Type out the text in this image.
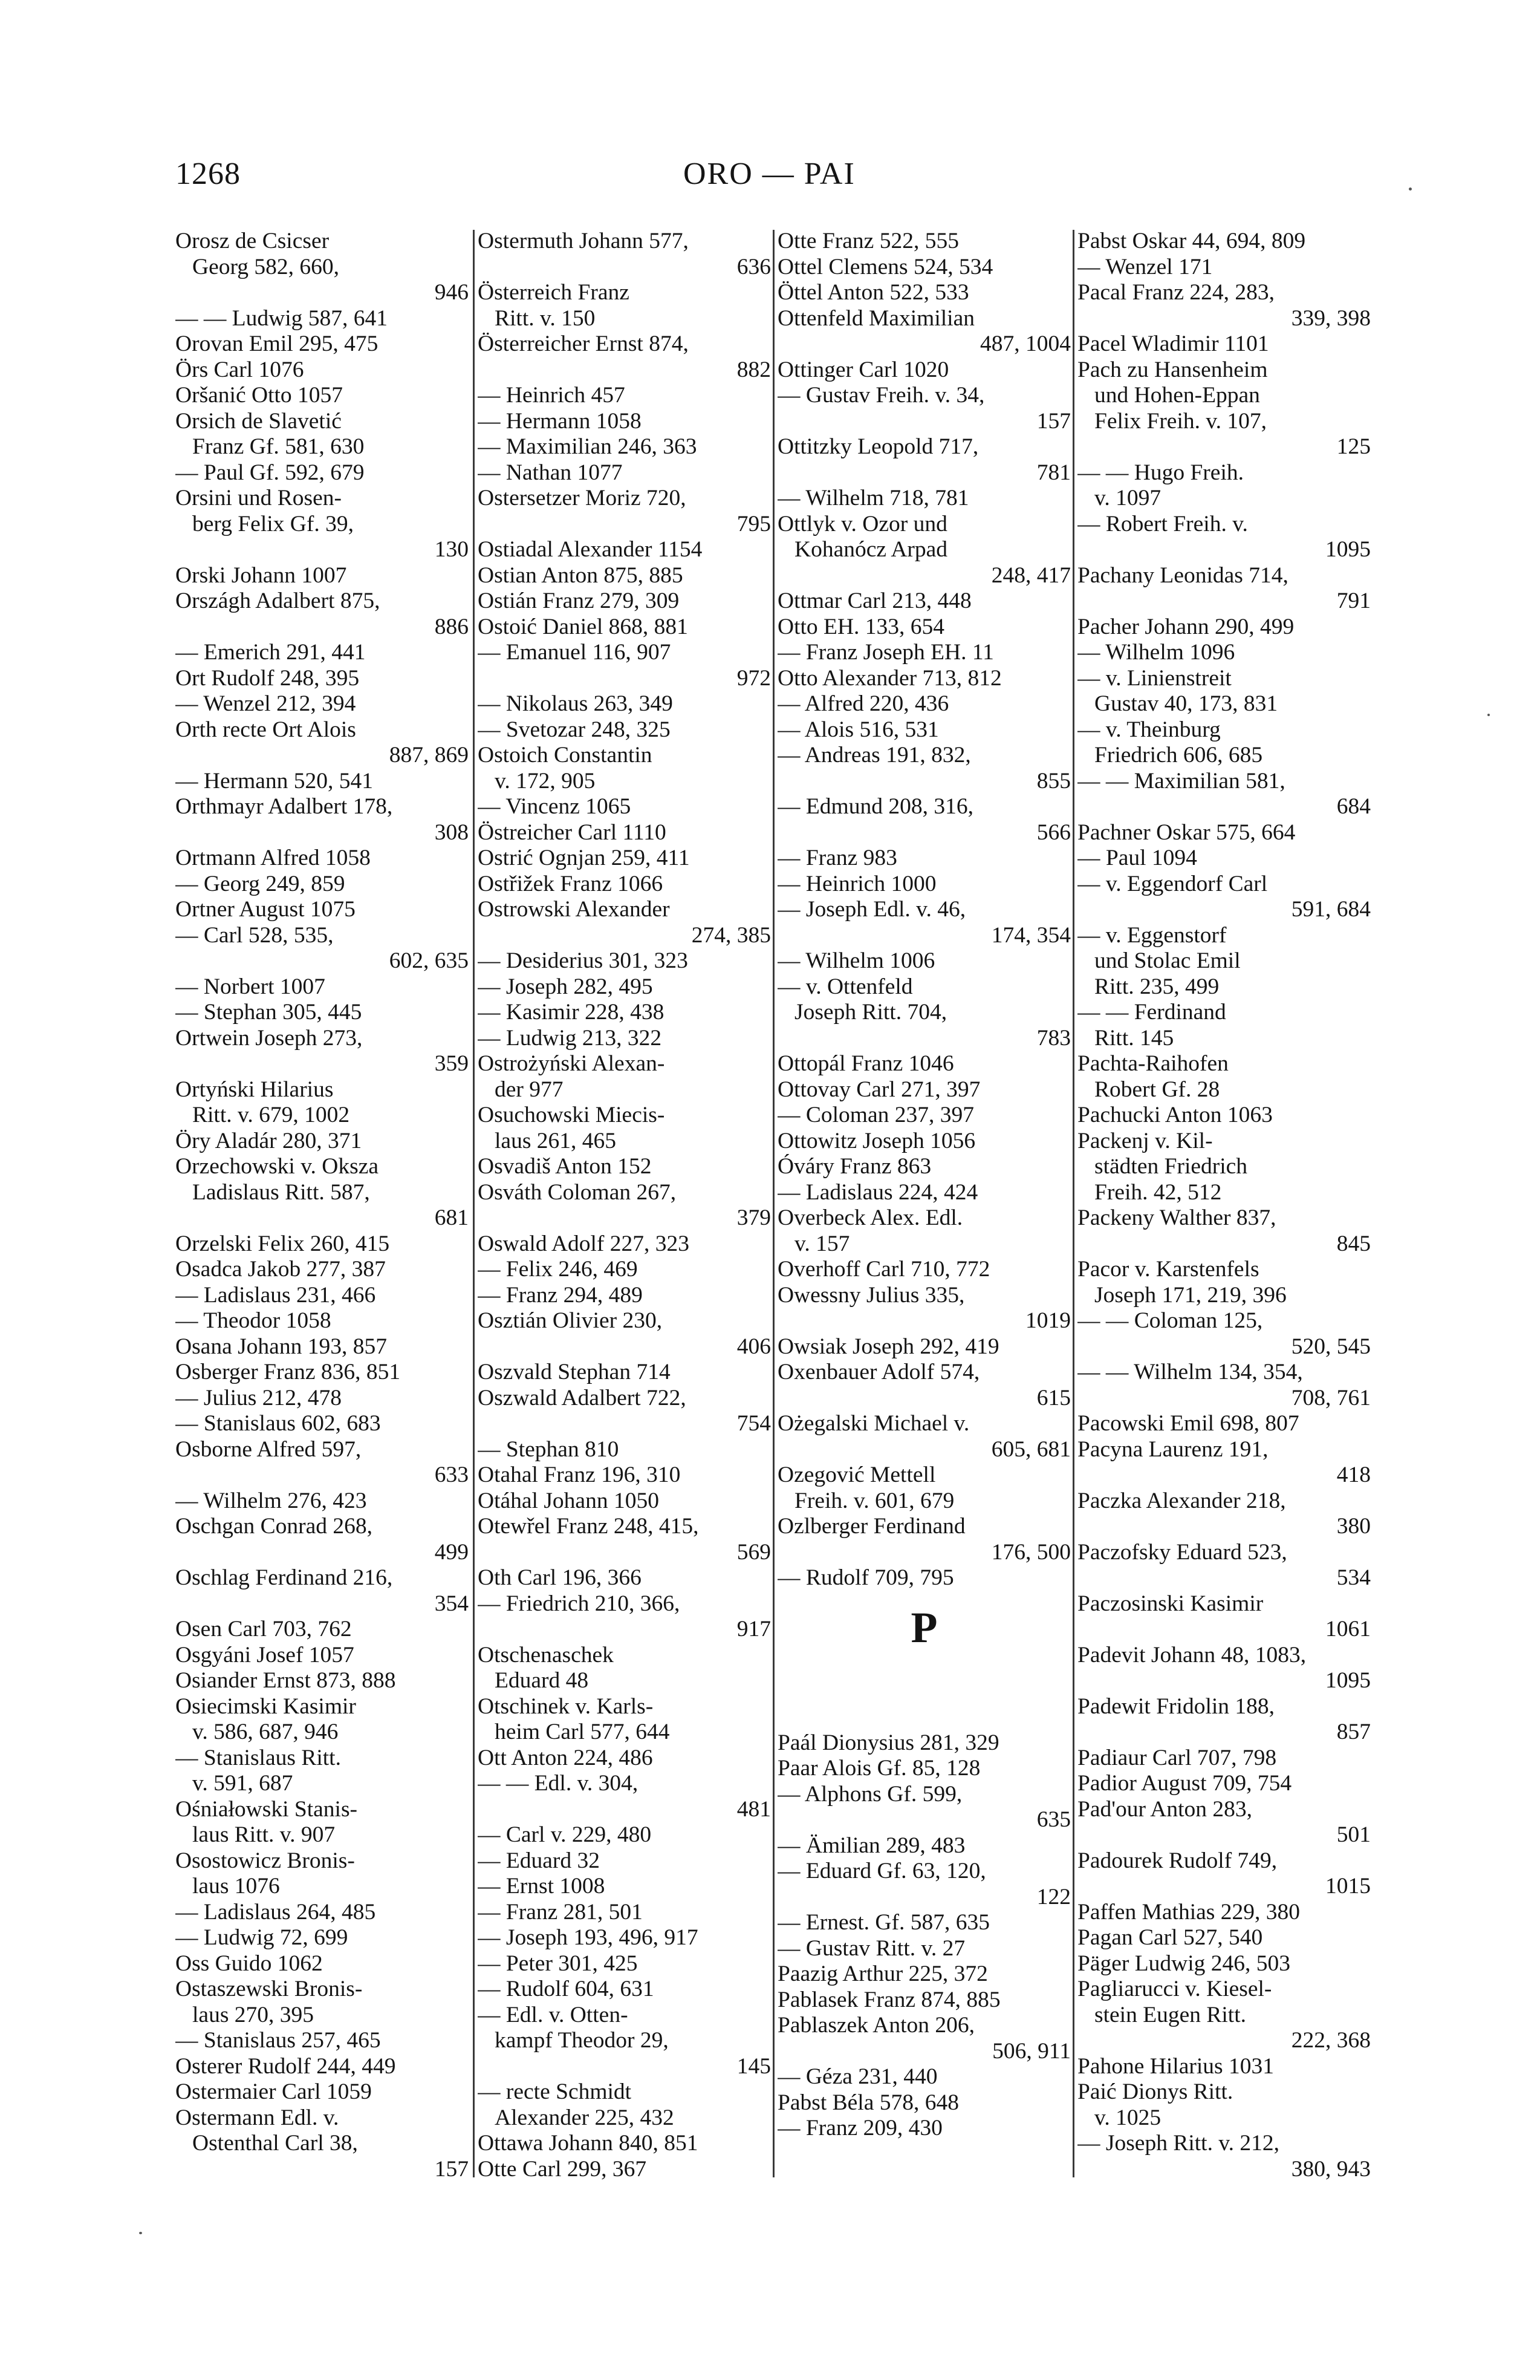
1268	ORO — PAI
Orosz de Csicser
Georg 582, 660,
946
— — Ludwig 587, 641
Orovan Emil 295, 475
Örs Carl 1076
Oršanić Otto 1057
Orsich de Slavetić
Franz Gf. 581, 630
— Paul Gf. 592, 679
Orsini und Rosen-
berg Felix Gf. 39,
130
Orski Johann 1007
Országh Adalbert 875,
886
— Emerich 291, 441
Ort Rudolf 248, 395
— Wenzel 212, 394
Orth recte Ort Alois
887, 869
— Hermann 520, 541
Orthmayr Adalbert 178,
308
Ortmann Alfred 1058
— Georg 249, 859
Ortner August 1075
— Carl 528, 535,
602, 635
— Norbert 1007
— Stephan 305, 445
Ortwein Joseph 273,
359
Ortyński Hilarius
Ritt. v. 679, 1002
Öry Aladár 280, 371
Orzechowski v. Oksza
Ladislaus Ritt. 587,
681
Orzelski Felix 260, 415
Osadca Jakob 277, 387
— Ladislaus 231, 466
— Theodor 1058
Osana Johann 193, 857
Osberger Franz 836, 851
— Julius 212, 478
— Stanislaus 602, 683
Osborne Alfred 597,
633
— Wilhelm 276, 423
Oschgan Conrad 268,
499
Oschlag Ferdinand 216,
354
Osen Carl 703, 762
Osgyáni Josef 1057
Osiander Ernst 873, 888
Osiecimski Kasimir
v. 586, 687, 946
— Stanislaus Ritt.
v. 591, 687
Ośniałowski Stanis-
laus Ritt. v. 907
Osostowicz Bronis-
laus 1076
— Ladislaus 264, 485
— Ludwig 72, 699
Oss Guido 1062
Ostaszewski Bronis-
laus 270, 395
— Stanislaus 257, 465
Osterer Rudolf 244, 449
Ostermaier Carl 1059
Ostermann Edl. v.
Ostenthal Carl 38,
157
Ostermuth Johann 577,
636
Österreich Franz
Ritt. v. 150
Österreicher Ernst 874,
882
— Heinrich 457
— Hermann 1058
— Maximilian 246, 363
— Nathan 1077
Ostersetzer Moriz 720,
795
Ostiadal Alexander 1154
Ostian Anton 875, 885
Ostián Franz 279, 309
Ostoić Daniel 868, 881
— Emanuel 116, 907
972
— Nikolaus 263, 349
— Svetozar 248, 325
Ostoich Constantin
v. 172, 905
— Vincenz 1065
Östreicher Carl 1110
Ostrić Ognjan 259, 411
Ostřižek Franz 1066
Ostrowski Alexander
274, 385
— Desiderius 301, 323
— Joseph 282, 495
— Kasimir 228, 438
— Ludwig 213, 322
Ostrożyński Alexan-
der 977
Osuchowski Miecis-
laus 261, 465
Osvadiš Anton 152
Osváth Coloman 267,
379
Oswald Adolf 227, 323
— Felix 246, 469
— Franz 294, 489
Osztián Olivier 230,
406
Oszvald Stephan 714
Oszwald Adalbert 722,
754
— Stephan 810
Otahal Franz 196, 310
Otáhal Johann 1050
Otewřel Franz 248, 415,
569
Oth Carl 196, 366
— Friedrich 210, 366,
917
Otschenaschek
Eduard 48
Otschinek v. Karls-
heim Carl 577, 644
Ott Anton 224, 486
— — Edl. v. 304,
481
— Carl v. 229, 480
— Eduard 32
— Ernst 1008
— Franz 281, 501
— Joseph 193, 496, 917
— Peter 301, 425
— Rudolf 604, 631
— Edl. v. Otten-
kampf Theodor 29,
145
— recte Schmidt
Alexander 225, 432
Ottawa Johann 840, 851
Otte Carl 299, 367
Otte Franz 522, 555
Ottel Clemens 524, 534
Öttel Anton 522, 533
Ottenfeld Maximilian
487, 1004
Ottinger Carl 1020
— Gustav Freih. v. 34,
157
Ottitzky Leopold 717,
781
— Wilhelm 718, 781
Ottlyk v. Ozor und
Kohanócz Arpad
248, 417
Ottmar Carl 213, 448
Otto EH. 133, 654
— Franz Joseph EH. 11
Otto Alexander 713, 812
— Alfred 220, 436
— Alois 516, 531
— Andreas 191, 832,
855
— Edmund 208, 316,
566
— Franz 983
— Heinrich 1000
— Joseph Edl. v. 46,
174, 354
— Wilhelm 1006
— v. Ottenfeld
Joseph Ritt. 704,
783
Ottopál Franz 1046
Ottovay Carl 271, 397
— Coloman 237, 397
Ottowitz Joseph 1056
Óváry Franz 863
— Ladislaus 224, 424
Overbeck Alex. Edl.
v. 157
Overhoff Carl 710, 772
Owessny Julius 335,
1019
Owsiak Joseph 292, 419
Oxenbauer Adolf 574,
615
Ożegalski Michael v.
605, 681
Ozegović Mettell
Freih. v. 601, 679
Ozlberger Ferdinand
176, 500
— Rudolf 709, 795
P
Paál Dionysius 281, 329
Paar Alois Gf. 85, 128
— Alphons Gf. 599,
635
— Ämilian 289, 483
— Eduard Gf. 63, 120,
122
— Ernest. Gf. 587, 635
— Gustav Ritt. v. 27
Paazig Arthur 225, 372
Pablasek Franz 874, 885
Pablaszek Anton 206,
506, 911
— Géza 231, 440
Pabst Béla 578, 648
— Franz 209, 430
Pabst Oskar 44, 694, 809
— Wenzel 171
Pacal Franz 224, 283,
339, 398
Pacel Wladimir 1101
Pach zu Hansenheim
und Hohen-Eppan
Felix Freih. v. 107,
125
— — Hugo Freih.
v. 1097
— Robert Freih. v.
1095
Pachany Leonidas 714,
791
Pacher Johann 290, 499
— Wilhelm 1096
— v. Linienstreit
Gustav 40, 173, 831
— v. Theinburg
Friedrich 606, 685
— — Maximilian 581,
684
Pachner Oskar 575, 664
— Paul 1094
— v. Eggendorf Carl
591, 684
— v. Eggenstorf
und Stolac Emil
Ritt. 235, 499
— — Ferdinand
Ritt. 145
Pachta-Raihofen
Robert Gf. 28
Pachucki Anton 1063
Packenj v. Kil-
städten Friedrich
Freih. 42, 512
Packeny Walther 837,
845
Pacor v. Karstenfels
Joseph 171, 219, 396
— — Coloman 125,
520, 545
— — Wilhelm 134, 354,
708, 761
Pacowski Emil 698, 807
Pacyna Laurenz 191,
418
Paczka Alexander 218,
380
Paczofsky Eduard 523,
534
Paczosinski Kasimir
1061
Padevit Johann 48, 1083,
1095
Padewit Fridolin 188,
857
Padiaur Carl 707, 798
Padior August 709, 754
Pad'our Anton 283,
501
Padourek Rudolf 749,
1015
Paffen Mathias 229, 380
Pagan Carl 527, 540
Päger Ludwig 246, 503
Pagliarucci v. Kiesel-
stein Eugen Ritt.
222, 368
Pahone Hilarius 1031
Paić Dionys Ritt.
v. 1025
— Joseph Ritt. v. 212,
380, 943
